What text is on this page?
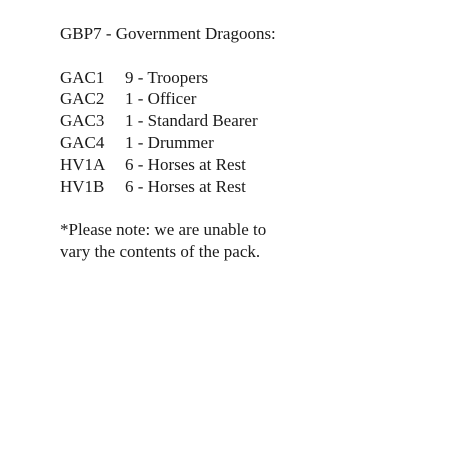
GBP7 - Government Dragoons:

GAC1	9 - Troopers
GAC2	1 - Officer
GAC3	1 - Standard Bearer
GAC4	1 - Drummer
HV1A	6 - Horses at Rest
HV1B	6 - Horses at Rest

*Please note: we are unable to vary the contents of the pack.
